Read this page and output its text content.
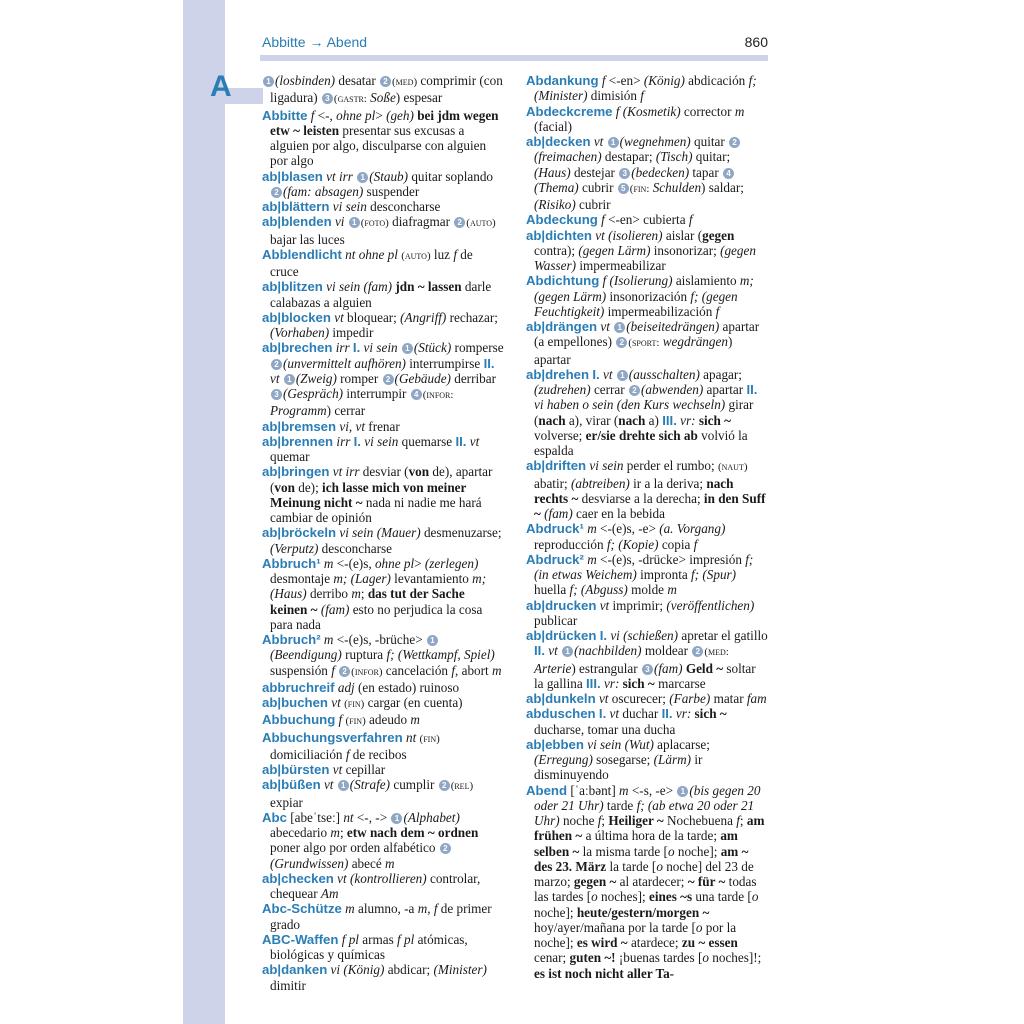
A
Abbitte → Abend	860

1 (losbinden) desatar 2 (med) comprimir (con ligadura) 3 (gastr: Soße) espesar

Abbitte f <-, ohne pl> (geh) bei jdm wegen etw ~ leisten presentar sus excusas a alguien por algo, disculparse con alguien por algo

ab|blasen vt irr 1 (Staub) quitar soplando 2 (fam: absagen) suspender

ab|blättern vi sein desconcharse

ab|blenden vi 1 (foto) diafragmar 2 (auto) bajar las luces

Abblendlicht nt ohne pl (auto) luz f de cruce

ab|blitzen vi sein (fam) jdn ~ lassen darle calabazas a alguien

ab|blocken vt bloquear; (Angriff) rechazar; (Vorhaben) impedir

ab|brechen irr I. vi sein 1 (Stück) romperse 2 (unvermittelt aufhören) interrumpirse II. vt 1 (Zweig) romper 2 (Gebäude) derribar 3 (Gespräch) interrumpir 4 (infor: Programm) cerrar

ab|bremsen vi, vt frenar

ab|brennen irr I. vi sein quemarse II. vt quemar

ab|bringen vt irr desviar (von de), apartar (von de); ich lasse mich von meiner Meinung nicht ~ nada ni nadie me hará cambiar de opinión

ab|bröckeln vi sein (Mauer) desmenuzarse; (Verputz) desconcharse

Abbruch¹ m <-(e)s, ohne pl> (zerlegen) desmontaje m; (Lager) levantamiento m; (Haus) derribo m; das tut der Sache keinen ~ (fam) esto no perjudica la cosa para nada

Abbruch² m <-(e)s, -brüche> 1(Beendigung) ruptura f; (Wettkampf, Spiel) suspensión f 2 (infor) cancelación f, abort m

abbruchreif adj (en estado) ruinoso

ab|buchen vt (fin) cargar (en cuenta)

Abbuchung f (fin) adeudo m

Abbuchungsverfahren nt (fin) domiciliación f de recibos

ab|bürsten vt cepillar

ab|büßen vt 1 (Strafe) cumplir 2 (rel) expiar

Abc [abeˈtseː] nt <-, -> 1 (Alphabet) abecedario m; etw nach dem ~ ordnen poner algo por orden alfabético 2(Grundwissen) abecé m

ab|checken vt (kontrollieren) controlar, chequear Am

Abc-Schütze m alumno, -a m, f de primer grado

ABC-Waffen f pl armas f pl atómicas, biológicas y químicas

ab|danken vi (König) abdicar; (Minister) dimitir

Abdankung f <-en> (König) abdicación f; (Minister) dimisión f

Abdeckcreme f (Kosmetik) corrector m (facial)

ab|decken vt 1 (wegnehmen) quitar 2(freimachen) destapar; (Tisch) quitar; (Haus) destejar 3 (bedecken) tapar 4(Thema) cubrir 5 (fin: Schulden) saldar; (Risiko) cubrir

Abdeckung f <-en> cubierta f

ab|dichten vt (isolieren) aislar (gegen contra); (gegen Lärm) insonorizar; (gegen Wasser) impermeabilizar

Abdichtung f (Isolierung) aislamiento m; (gegen Lärm) insonorización f; (gegen Feuchtigkeit) impermeabilización f

ab|drängen vt 1 (beiseitedrängen) apartar (a empellones) 2 (sport: wegdrängen) apartar

ab|drehen I. vt 1 (ausschalten) apagar; (zudrehen) cerrar 2 (abwenden) apartar II. vi haben o sein (den Kurs wechseln) girar (nach a), virar (nach a) III. vr: sich ~ volverse; er/sie drehte sich ab volvió la espalda

ab|driften vi sein perder el rumbo; (naut) abatir; (abtreiben) ir a la deriva; nach rechts ~ desviarse a la derecha; in den Suff ~ (fam) caer en la bebida

Abdruck¹ m <-(e)s, -e> (a. Vorgang) reproducción f; (Kopie) copia f

Abdruck² m <-(e)s, -drücke> impresión f; (in etwas Weichem) impronta f; (Spur) huella f; (Abguss) molde m

ab|drucken vt imprimir; (veröffentlichen) publicar

ab|drücken I. vi (schießen) apretar el gatillo II. vt 1 (nachbilden) moldear 2 (med: Arterie) estrangular 3 (fam) Geld ~ soltar la gallina III. vr: sich ~ marcarse

ab|dunkeln vt oscurecer; (Farbe) matar fam

abduschen I. vt duchar II. vr: sich ~ ducharse, tomar una ducha

ab|ebben vi sein (Wut) aplacarse; (Erregung) sosegarse; (Lärm) ir disminuyendo

Abend [ˈaːbənt] m <-s, -e> 1 (bis gegen 20 oder 21 Uhr) tarde f; (ab etwa 20 oder 21 Uhr) noche f; Heiliger ~ Nochebuena f; am frühen ~ a última hora de la tarde; am selben ~ la misma tarde [o noche]; am ~ des 23. März la tarde [o noche] del 23 de marzo; gegen ~ al atardecer; ~ für ~ todas las tardes [o noches]; eines ~s una tarde [o noche]; heute/gestern/morgen ~ hoy/ayer/mañana por la tarde [o por la noche]; es wird ~ atardece; zu ~ essen cenar; guten ~! ¡buenas tardes [o noches]!; es ist noch nicht aller Ta-
